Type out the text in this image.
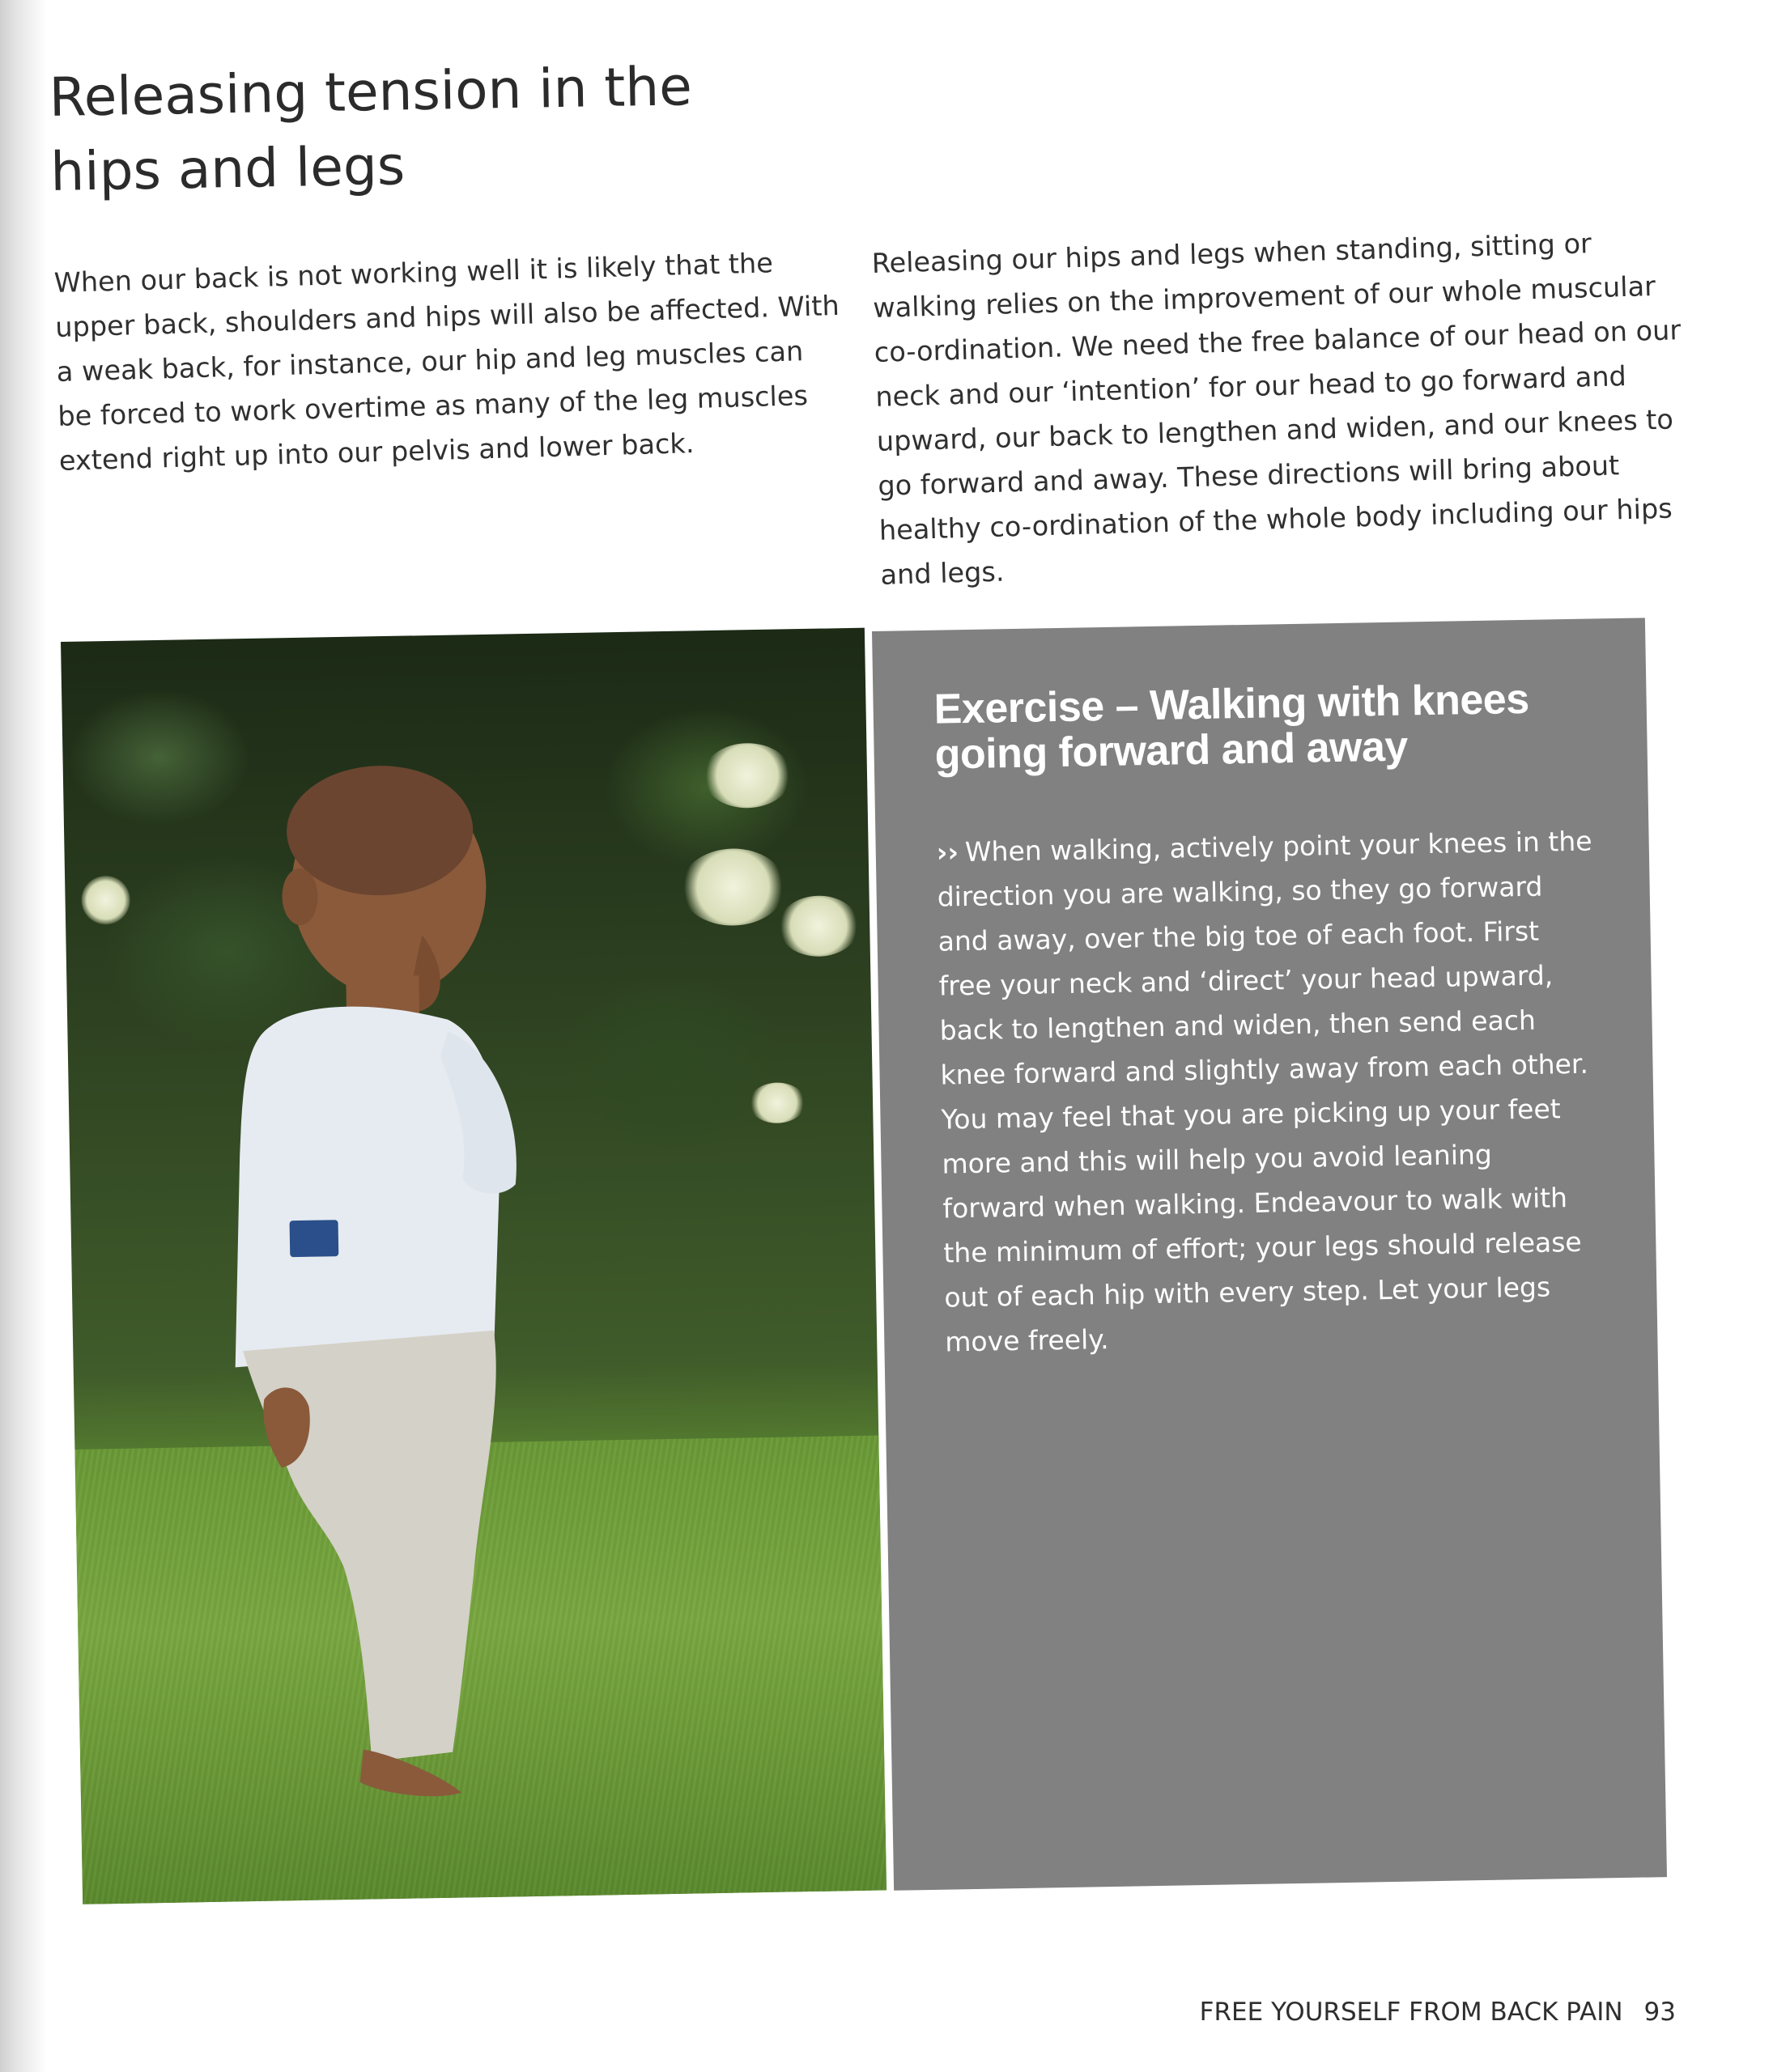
Releasing tension in the hips and legs

When our back is not working well it is likely that the upper back, shoulders and hips will also be affected. With a weak back, for instance, our hip and leg muscles can be forced to work overtime as many of the leg muscles extend right up into our pelvis and lower back.

Releasing our hips and legs when standing, sitting or walking relies on the improvement of our whole muscular co-ordination. We need the free balance of our head on our neck and our ‘intention’ for our head to go forward and upward, our back to lengthen and widen, and our knees to go forward and away. These directions will bring about healthy co-ordination of the whole body including our hips and legs.

Exercise – Walking with knees going forward and away

›› When walking, actively point your knees in the direction you are walking, so they go forward and away, over the big toe of each foot. First free your neck and ‘direct’ your head upward, back to lengthen and widen, then send each knee forward and slightly away from each other. You may feel that you are picking up your feet more and this will help you avoid leaning forward when walking. Endeavour to walk with the minimum of effort; your legs should release out of each hip with every step. Let your legs move freely.

FREE YOURSELF FROM BACK PAIN 93
